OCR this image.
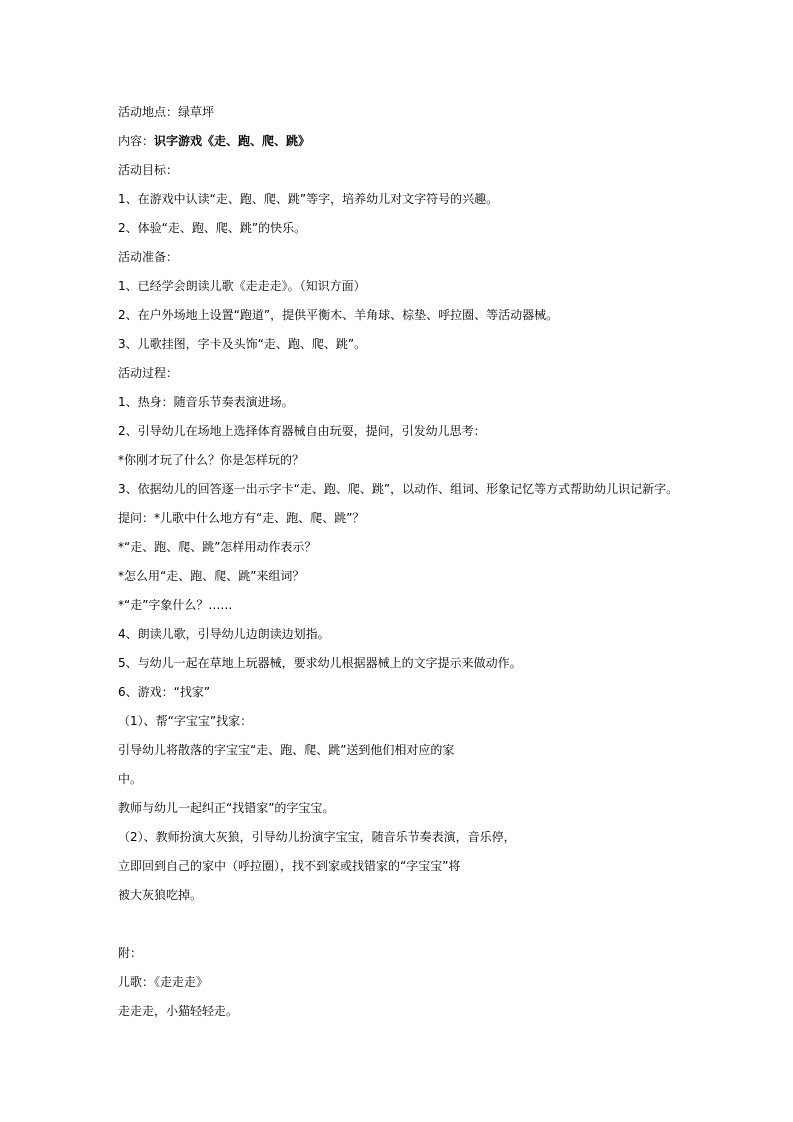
活动地点：绿草坪
内容：识字游戏《走、跑、爬、跳》
活动目标：
1、在游戏中认读“走、跑、爬、跳”等字，培养幼儿对文字符号的兴趣。
2、体验“走、跑、爬、跳”的快乐。
活动准备：
1、已经学会朗读儿歌《走走走》。（知识方面）
2、在户外场地上设置“跑道”，提供平衡木、羊角球、棕垫、呼拉圈、等活动器械。
3、儿歌挂图，字卡及头饰“走、跑、爬、跳”。
活动过程：
1、热身：随音乐节奏表演进场。
2、引导幼儿在场地上选择体育器械自由玩耍，提问，引发幼儿思考：
*你刚才玩了什么？你是怎样玩的？
3、依据幼儿的回答逐一出示字卡“走、跑、爬、跳”，以动作、组词、形象记忆等方式帮助幼儿识记新字。
提问：*儿歌中什么地方有“走、跑、爬、跳”？
*“走、跑、爬、跳”怎样用动作表示？
*怎么用“走、跑、爬、跳”来组词？
*“走”字象什么？……
4、朗读儿歌，引导幼儿边朗读边划指。
5、与幼儿一起在草地上玩器械，要求幼儿根据器械上的文字提示来做动作。
6、游戏：“找家”
（1）、帮“字宝宝”找家：
引导幼儿将散落的字宝宝“走、跑、爬、跳”送到他们相对应的家
中。
教师与幼儿一起纠正“找错家”的字宝宝。
（2）、教师扮演大灰狼，引导幼儿扮演字宝宝，随音乐节奏表演，音乐停，
立即回到自己的家中（呼拉圈），找不到家或找错家的“字宝宝”将
被大灰狼吃掉。
附：
儿歌：《走走走》
走走走，小猫轻轻走。
